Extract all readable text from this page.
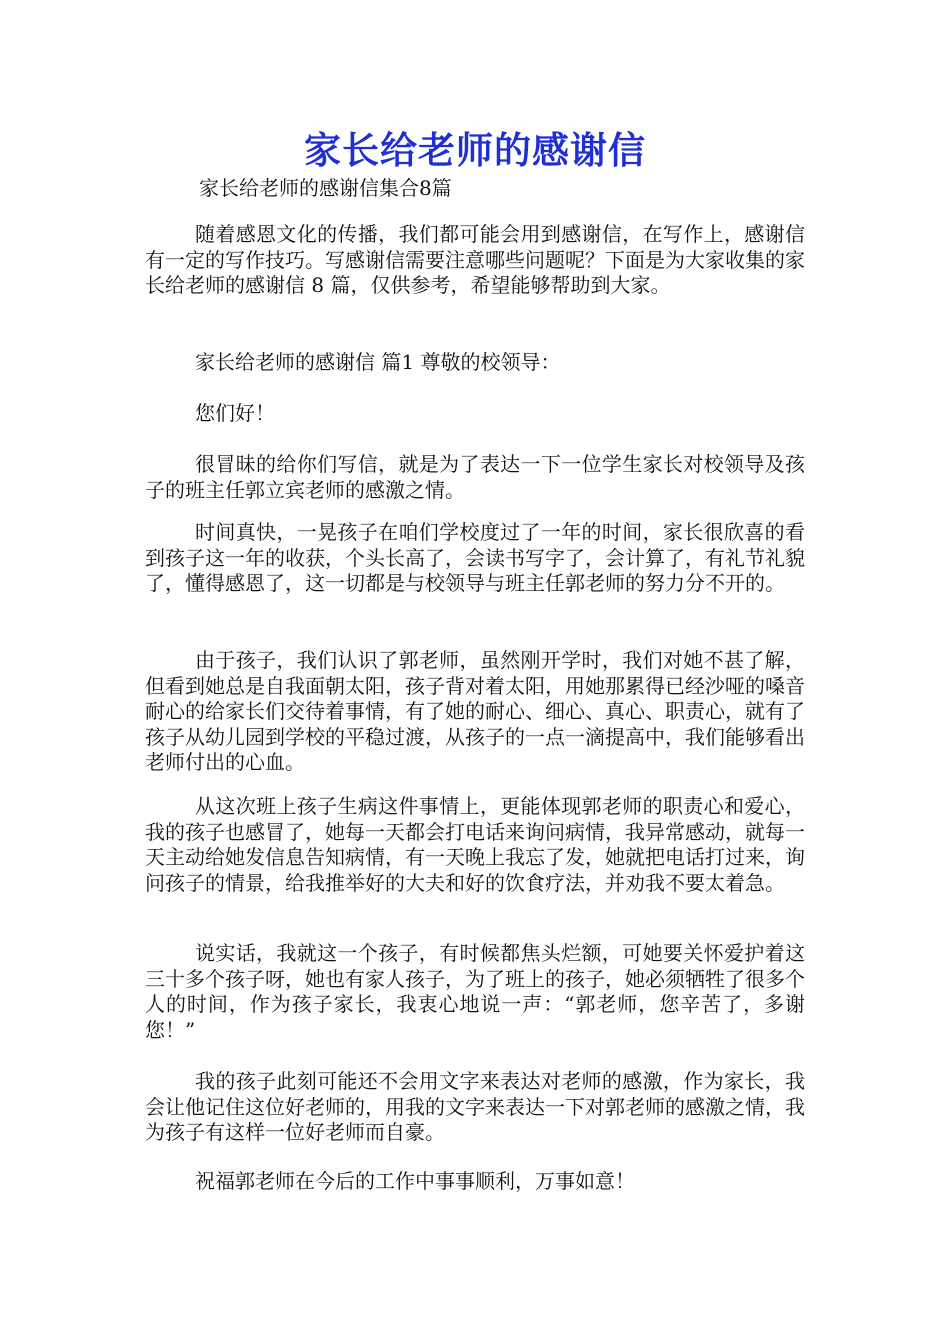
家长给老师的感谢信
家长给老师的感谢信集合8篇

随着感恩文化的传播，我们都可能会用到感谢信，在写作上，感谢信有一定的写作技巧。写感谢信需要注意哪些问题呢？下面是为大家收集的家长给老师的感谢信 8 篇，仅供参考，希望能够帮助到大家。

家长给老师的感谢信 篇1 尊敬的校领导：

您们好！

很冒昧的给你们写信，就是为了表达一下一位学生家长对校领导及孩子的班主任郭立宾老师的感激之情。

时间真快，一晃孩子在咱们学校度过了一年的时间，家长很欣喜的看到孩子这一年的收获，个头长高了，会读书写字了，会计算了，有礼节礼貌了，懂得感恩了，这一切都是与校领导与班主任郭老师的努力分不开的。

由于孩子，我们认识了郭老师，虽然刚开学时，我们对她不甚了解，但看到她总是自我面朝太阳，孩子背对着太阳，用她那累得已经沙哑的嗓音耐心的给家长们交待着事情，有了她的耐心、细心、真心、职责心，就有了孩子从幼儿园到学校的平稳过渡，从孩子的一点一滴提高中，我们能够看出老师付出的心血。

从这次班上孩子生病这件事情上，更能体现郭老师的职责心和爱心，我的孩子也感冒了，她每一天都会打电话来询问病情，我异常感动，就每一天主动给她发信息告知病情，有一天晚上我忘了发，她就把电话打过来，询问孩子的情景，给我推举好的大夫和好的饮食疗法，并劝我不要太着急。

说实话，我就这一个孩子，有时候都焦头烂额，可她要关怀爱护着这三十多个孩子呀，她也有家人孩子，为了班上的孩子，她必须牺牲了很多个人的时间，作为孩子家长，我衷心地说一声：“郭老师，您辛苦了，多谢您！”

我的孩子此刻可能还不会用文字来表达对老师的感激，作为家长，我会让他记住这位好老师的，用我的文字来表达一下对郭老师的感激之情，我为孩子有这样一位好老师而自豪。

祝福郭老师在今后的工作中事事顺利，万事如意！
